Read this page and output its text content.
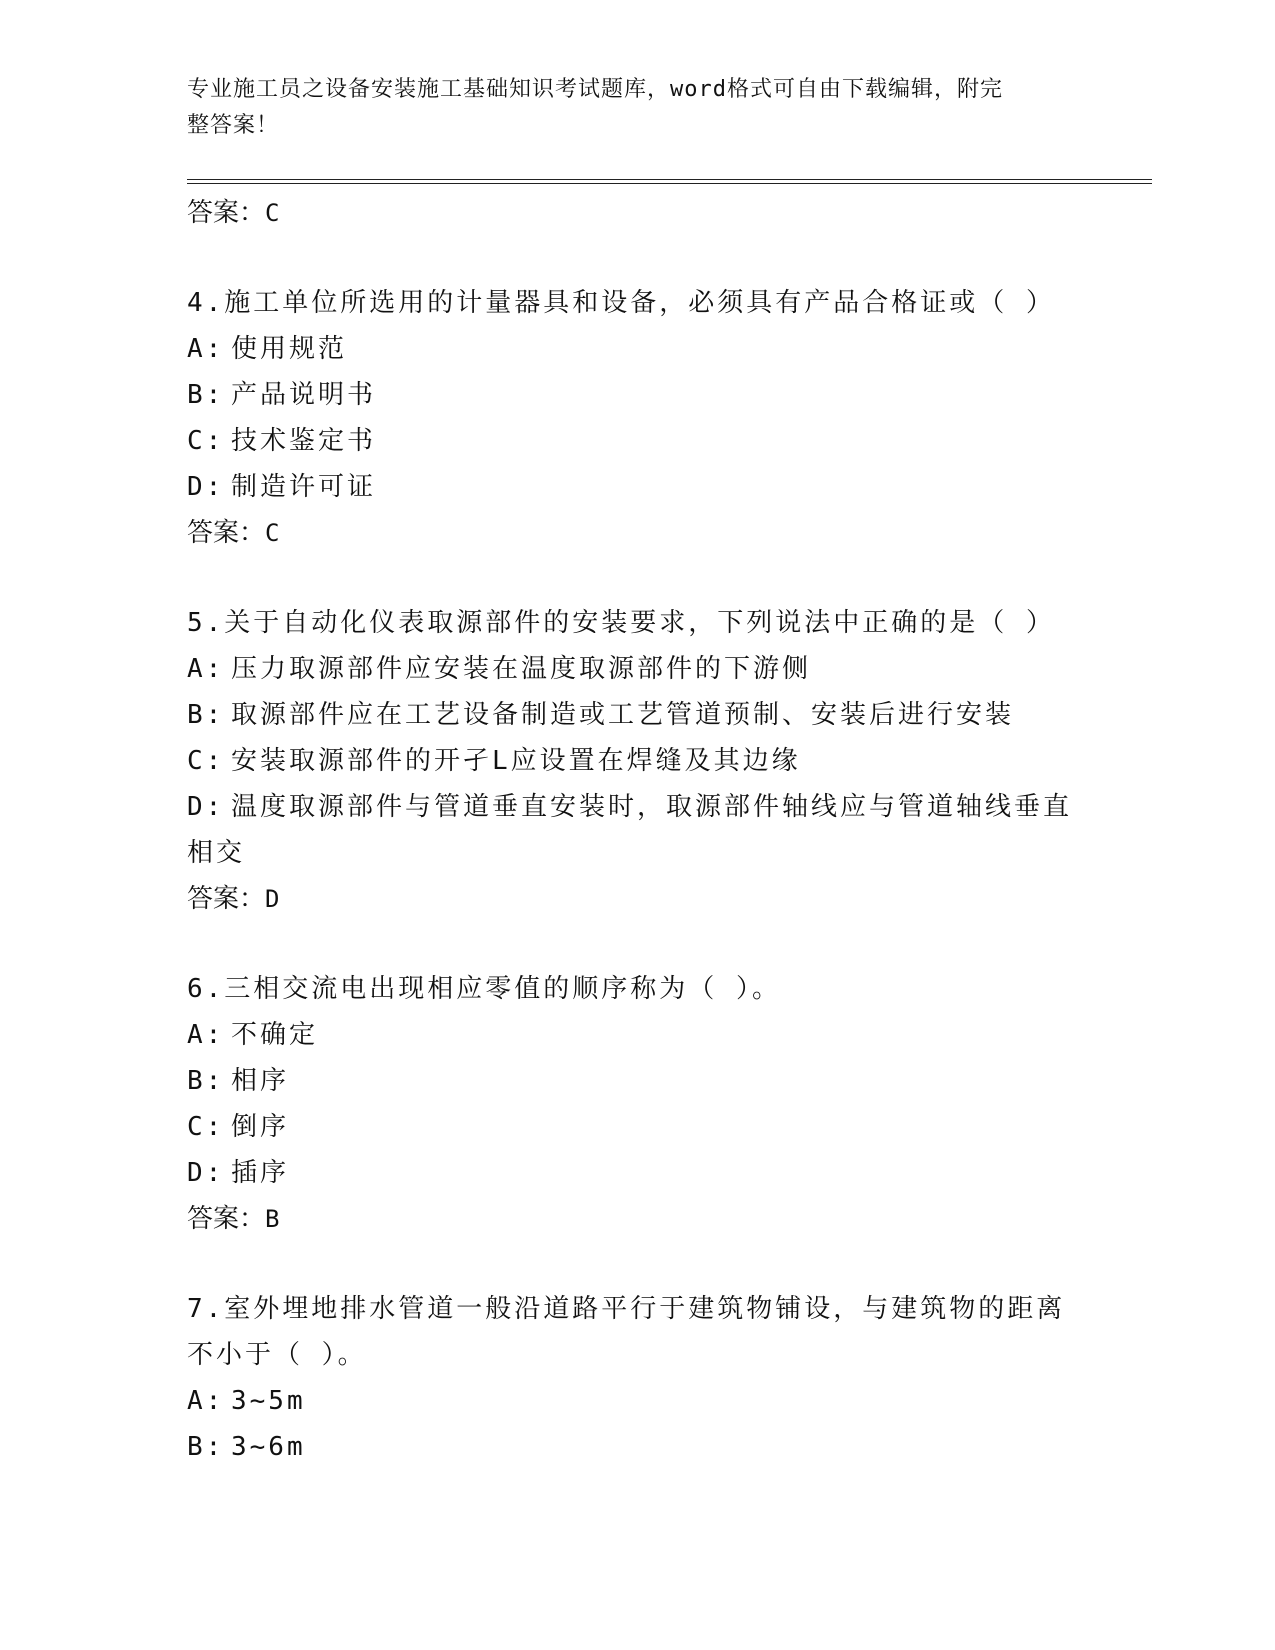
专业施工员之设备安装施工基础知识考试题库，word格式可自由下载编辑，附完
整答案！
答案：C
4.施工单位所选用的计量器具和设备，必须具有产品合格证或（ ）
A: 使用规范
B: 产品说明书
C: 技术鉴定书
D: 制造许可证
答案：C
5.关于自动化仪表取源部件的安装要求，下列说法中正确的是（ ）
A: 压力取源部件应安装在温度取源部件的下游侧
B: 取源部件应在工艺设备制造或工艺管道预制、安装后进行安装
C: 安装取源部件的开孑L应设置在焊缝及其边缘
D: 温度取源部件与管道垂直安装时，取源部件轴线应与管道轴线垂直相交
答案：D
6.三相交流电出现相应零值的顺序称为（ ）。
A: 不确定
B: 相序
C: 倒序
D: 插序
答案：B
7.室外埋地排水管道一般沿道路平行于建筑物铺设，与建筑物的距离不小于（ ）。
A: 3~5m
B: 3~6m
